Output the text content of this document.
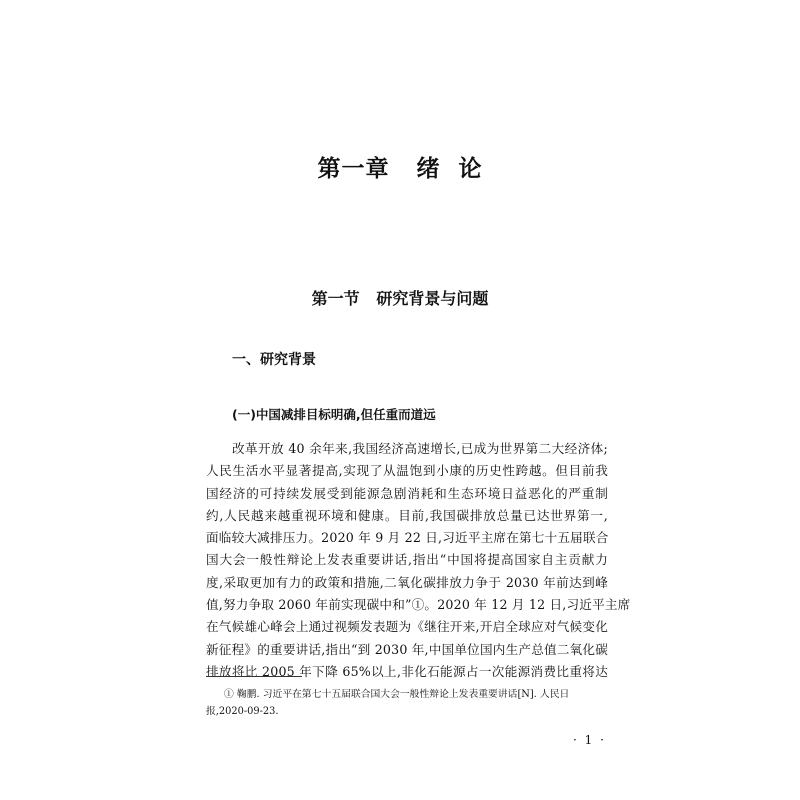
第一章   绪  论
第一节   研究背景与问题
一、研究背景
(一)中国减排目标明确,但任重而道远
改革开放 40 余年来,我国经济高速增长,已成为世界第二大经济体;
人民生活水平显著提高,实现了从温饱到小康的历史性跨越。但目前我
国经济的可持续发展受到能源急剧消耗和生态环境日益恶化的严重制
约,人民越来越重视环境和健康。目前,我国碳排放总量已达世界第一,
面临较大减排压力。2020 年 9 月 22 日,习近平主席在第七十五届联合
国大会一般性辩论上发表重要讲话,指出“中国将提高国家自主贡献力
度,采取更加有力的政策和措施,二氧化碳排放力争于 2030 年前达到峰
值,努力争取 2060 年前实现碳中和”①。2020 年 12 月 12 日,习近平主席
在气候雄心峰会上通过视频发表题为《继往开来,开启全球应对气候变化
新征程》的重要讲话,指出“到 2030 年,中国单位国内生产总值二氧化碳
排放将比 2005 年下降 65%以上,非化石能源占一次能源消费比重将达
① 鞠鹏. 习近平在第七十五届联合国大会一般性辩论上发表重要讲话[N]. 人民日
报,2020-09-23.
· 1 ·
